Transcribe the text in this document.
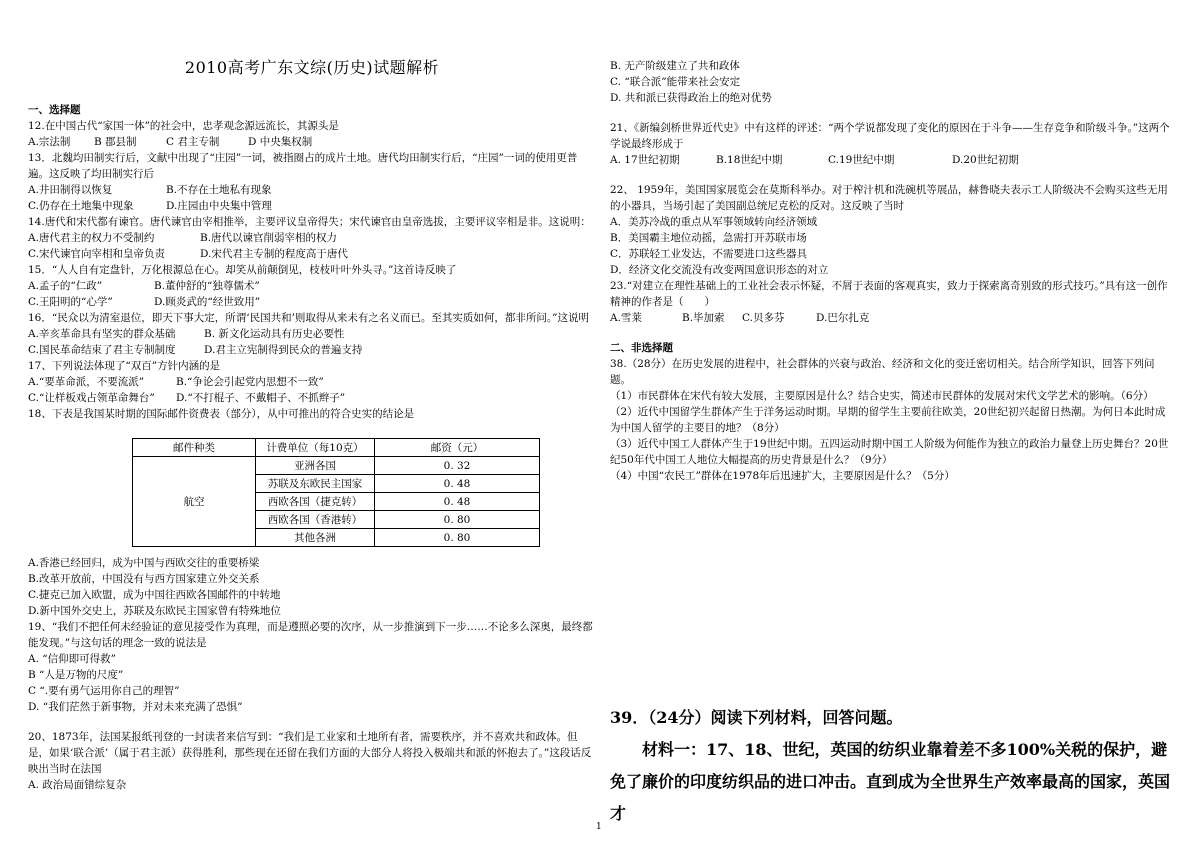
2010高考广东文综(历史)试题解析

一、选择题

12.在中国古代“家国一体”的社会中，忠孝观念源远流长，其源头是

A.宗法制	B 郡县制	C 君主专制	D 中央集权制

13．北魏均田制实行后，文献中出现了“庄园”一词，被指圈占的成片土地。唐代均田制实行后，“庄园”一词的使用更普遍。这反映了均田制实行后

A.井田制得以恢复	B.不存在土地私有现象
C.仍存在土地集中现象	D.庄园由中央集中管理

14.唐代和宋代都有谏官。唐代谏官由宰相推举，主要评议皇帝得失；宋代谏官由皇帝选拔，主要评议宰相是非。这说明：

A.唐代君主的权力不受制约	B.唐代以谏官削弱宰相的权力
C.宋代谏官向宰相和皇帝负责	D.宋代君主专制的程度高于唐代

15．“人人自有定盘针，万化根源总在心。却笑从前颠倒见，枝枝叶叶外头寻。”这首诗反映了

A.孟子的“仁政”	B.董仲舒的“独尊儒术”
C.王阳明的“心学”	D.顾炎武的“经世致用”

16．“民众以为清室退位，即天下事大定，所谓‘民国共和’则取得从来未有之名义而已。至其实质如何，都非所问。”这说明

A.辛亥革命具有坚实的群众基础	B. 新文化运动具有历史必要性
C.国民革命结束了君主专制制度	D.君主立宪制得到民众的普遍支持

17、下列说法体现了“双百”方针内涵的是

A.“要革命派，不要流派”	B.“争论会引起党内思想不一致”
C.“让样板戏占领革命舞台”	D.“不打棍子、不戴帽子、不抓辫子”

18、下表是我国某时期的国际邮件资费表（部分），从中可推出的符合史实的结论是

邮件种类	计费单位（每10克）	邮资（元）
航空	亚洲各国	0. 32
	苏联及东欧民主国家	0. 48
	西欧各国（捷克转）	0. 48
	西欧各国（香港转）	0. 80
	其他各洲	0. 80

A.香港已经回归，成为中国与西欧交往的重要桥梁

B.改革开放前，中国没有与西方国家建立外交关系

C.捷克已加入欧盟，成为中国往西欧各国邮件的中转地

D.新中国外交史上，苏联及东欧民主国家曾有特殊地位

19、“我们不把任何未经验证的意见接受作为真理，而是遵照必要的次序，从一步推演到下一步……不论多么深奥，最终都能发现。”与这句话的理念一致的说法是

A. “信仰即可得救”

B “人是万物的尺度”

C “.要有勇气运用你自己的理智”

D. “我们茫然于新事物，并对未来充满了恐惧”

20、1873年，法国某报纸刊登的一封读者来信写到：“我们是工业家和土地所有者，需要秩序，并不喜欢共和政体。但是，如果‘联合派’（属于君主派）获得胜利，那些现在还留在我们方面的大部分人将投入极端共和派的怀抱去了。”这段话反映出当时在法国

A. 政治局面错综复杂

B. 无产阶级建立了共和政体

C. “联合派”能带来社会安定

D. 共和派已获得政治上的绝对优势

21、《新编剑桥世界近代史》中有这样的评述：“两个学说都发现了变化的原因在于斗争——生存竞争和阶级斗争。”这两个学说最终形成于

A. 17世纪初期	B.18世纪中期	C.19世纪中期	D.20世纪初期

22、 1959年，美国国家展览会在莫斯科举办。对于榨汁机和洗碗机等展品，赫鲁晓夫表示工人阶级决不会购买这些无用的小器具，当场引起了美国副总统尼克松的反对。这反映了当时

A．美苏冷战的重点从军事领域转向经济领域

B．美国霸主地位动摇，急需打开苏联市场

C．苏联轻工业发达，不需要进口这些器具

D．经济文化交流没有改变两国意识形态的对立

23.“对建立在理性基础上的工业社会表示怀疑，不屑于表面的客观真实，致力于探索离奇别致的形式技巧。”具有这一创作精神的作者是（　　）

A.雪莱	B.毕加索	C.贝多芬	D.巴尔扎克

二、非选择题

38.（28分）在历史发展的进程中，社会群体的兴衰与政治、经济和文化的变迁密切相关。结合所学知识，回答下列问题。

（1）市民群体在宋代有较大发展，主要原因是什么？结合史实，简述市民群体的发展对宋代文学艺术的影响。（6分）

（2）近代中国留学生群体产生于洋务运动时期。早期的留学生主要前往欧美，20世纪初兴起留日热潮。为何日本此时成为中国人留学的主要目的地？（8分）

（3）近代中国工人群体产生于19世纪中期。五四运动时期中国工人阶级为何能作为独立的政治力量登上历史舞台？20世纪50年代中国工人地位大幅提高的历史背景是什么？（9分）

（4）中国“农民工”群体在1978年后迅速扩大，主要原因是什么？（5分）

39．（24分）阅读下列材料，回答问题。

材料一：17、18、世纪，英国的纺织业靠着差不多100%关税的保护，避免了廉价的印度纺织品的进口冲击。直到成为全世界生产效率最高的国家，英国才

1
